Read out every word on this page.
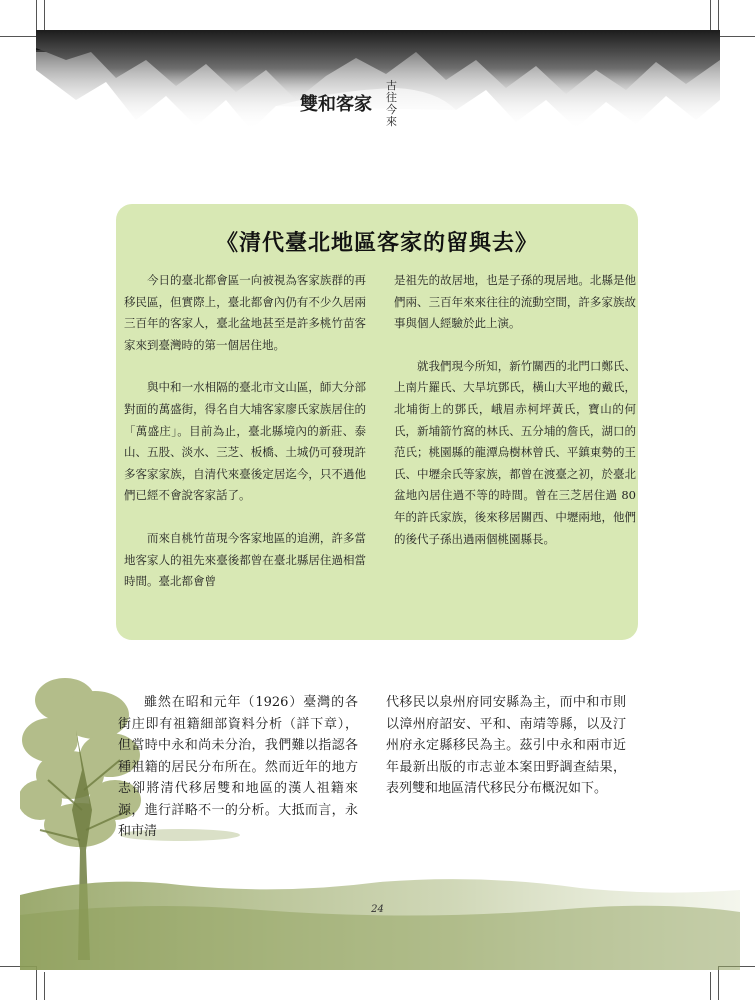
雙和客家
古往今來
《清代臺北地區客家的留與去》

今日的臺北都會區一向被視為客家族群的再移民區，但實際上，臺北都會內仍有不少久居兩三百年的客家人，臺北盆地甚至是許多桃竹苗客家來到臺灣時的第一個居住地。

與中和一水相隔的臺北市文山區，師大分部對面的萬盛街，得名自大埔客家廖氏家族居住的「萬盛庄」。目前為止，臺北縣境內的新莊、泰山、五股、淡水、三芝、板橋、土城仍可發現許多客家家族，自清代來臺後定居迄今，只不過他們已經不會說客家話了。

而來自桃竹苗現今客家地區的追溯，許多當地客家人的祖先來臺後都曾在臺北縣居住過相當時間。臺北都會曾

是祖先的故居地，也是子孫的現居地。北縣是他們兩、三百年來來往往的流動空間，許多家族故事與個人經驗於此上演。

就我們現今所知，新竹關西的北門口鄭氏、上南片羅氏、大旱坑鄧氏，橫山大平地的戴氏，北埔街上的鄧氏，峨眉赤柯坪黃氏，寶山的何氏，新埔箭竹窩的林氏、五分埔的詹氏，湖口的范氏；桃園縣的龍潭烏樹林曾氏、平鎮東勢的王氏、中壢余氏等家族，都曾在渡臺之初，於臺北盆地內居住過不等的時間。曾在三芝居住過 80 年的許氏家族，後來移居關西、中壢兩地，他們的後代子孫出過兩個桃園縣長。

雖然在昭和元年（1926）臺灣的各街庄即有祖籍細部資料分析（詳下章），但當時中永和尚未分治，我們難以指認各種祖籍的居民分布所在。然而近年的地方志卻將清代移居雙和地區的漢人祖籍來源，進行詳略不一的分析。大抵而言，永和市清

代移民以泉州府同安縣為主，而中和市則以漳州府詔安、平和、南靖等縣，以及汀州府永定縣移民為主。茲引中永和兩市近年最新出版的市志並本案田野調查結果，表列雙和地區清代移民分布概況如下。

24
